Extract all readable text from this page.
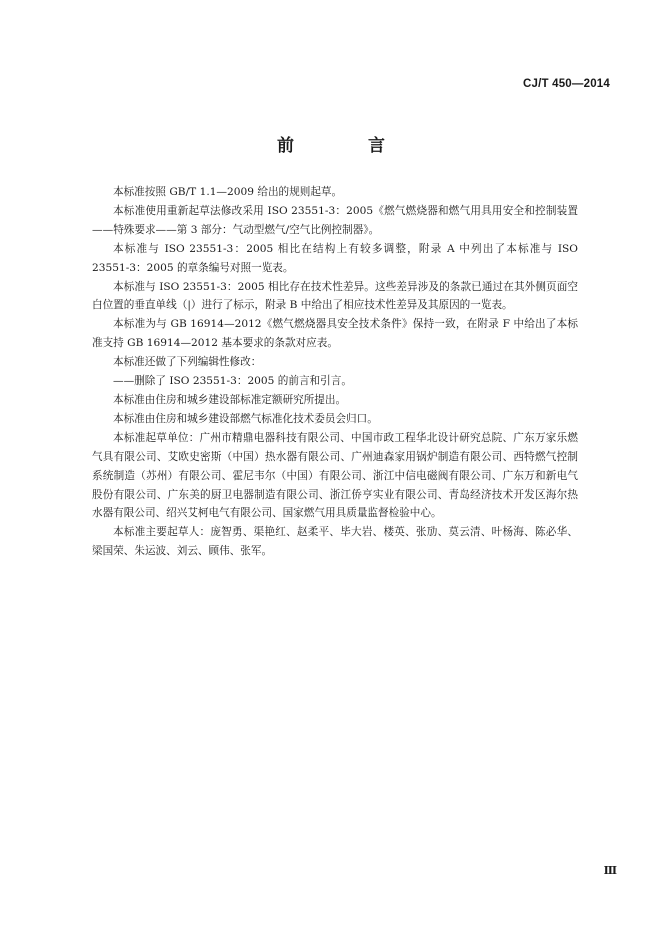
CJ/T 450—2014
前 言

本标准按照 GB/T 1.1—2009 给出的规则起草。

本标准使用重新起草法修改采用 ISO 23551-3：2005《燃气燃烧器和燃气用具用安全和控制装置——特殊要求——第 3 部分：气动型燃气/空气比例控制器》。

本标准与 ISO 23551-3：2005 相比在结构上有较多调整，附录 A 中列出了本标准与 ISO 23551-3：2005 的章条编号对照一览表。

本标准与 ISO 23551-3：2005 相比存在技术性差异。这些差异涉及的条款已通过在其外侧页面空白位置的垂直单线（|）进行了标示，附录 B 中给出了相应技术性差异及其原因的一览表。

本标准为与 GB 16914—2012《燃气燃烧器具安全技术条件》保持一致，在附录 F 中给出了本标准支持 GB 16914—2012 基本要求的条款对应表。

本标准还做了下列编辑性修改：

——删除了 ISO 23551-3：2005 的前言和引言。

本标准由住房和城乡建设部标准定额研究所提出。

本标准由住房和城乡建设部燃气标准化技术委员会归口。

本标准起草单位：广州市精鼎电器科技有限公司、中国市政工程华北设计研究总院、广东万家乐燃气具有限公司、艾欧史密斯（中国）热水器有限公司、广州迪森家用锅炉制造有限公司、西特燃气控制系统制造（苏州）有限公司、霍尼韦尔（中国）有限公司、浙江中信电磁阀有限公司、广东万和新电气股份有限公司、广东美的厨卫电器制造有限公司、浙江侨亨实业有限公司、青岛经济技术开发区海尔热水器有限公司、绍兴艾柯电气有限公司、国家燃气用具质量监督检验中心。

本标准主要起草人：庞智勇、渠艳红、赵柔平、毕大岩、楼英、张劢、莫云清、叶杨海、陈必华、梁国荣、朱运波、刘云、顾伟、张军。

Ⅲ
